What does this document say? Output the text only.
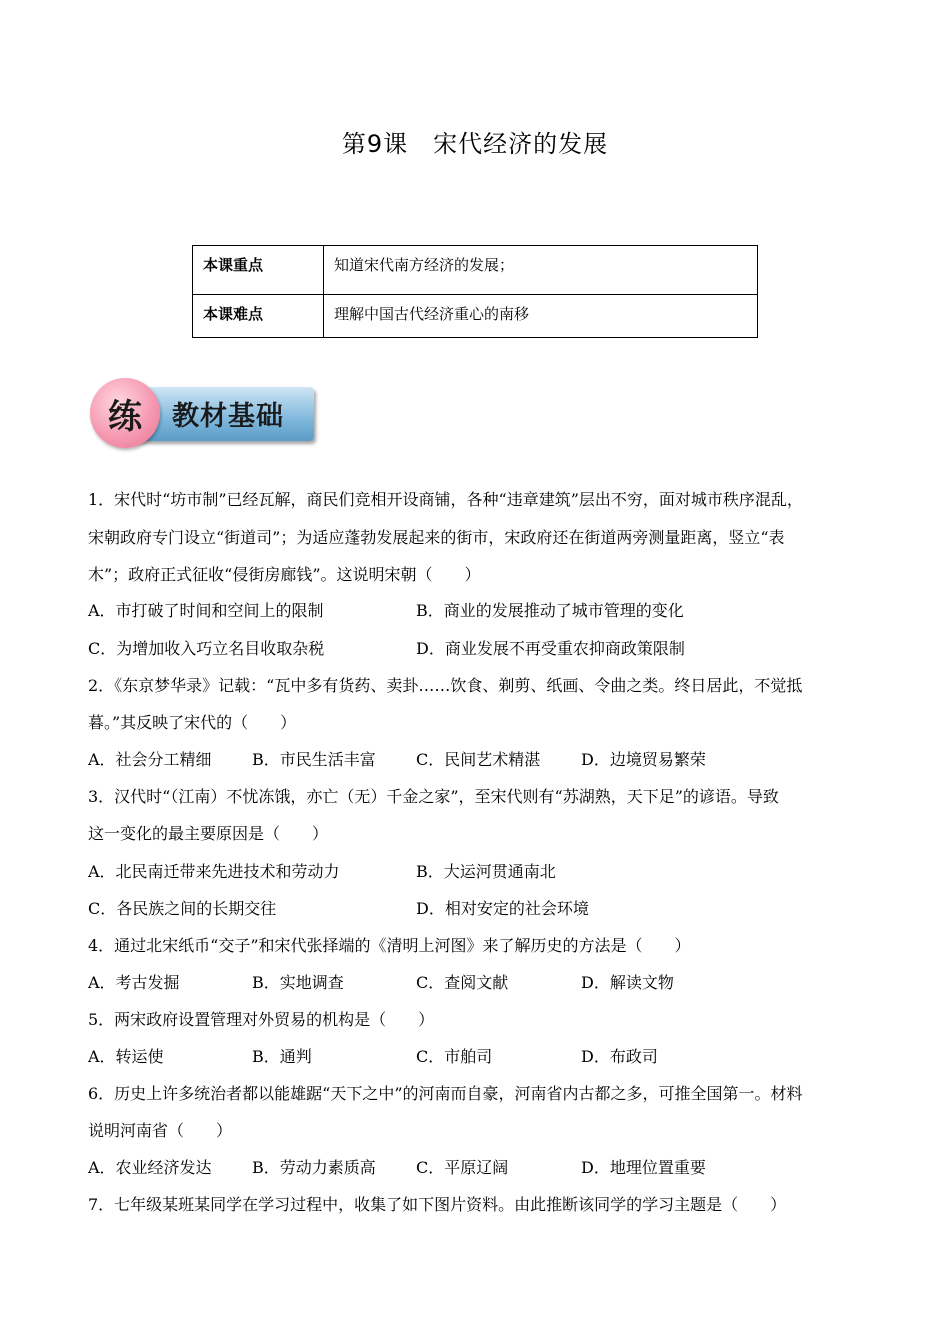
第9课　宋代经济的发展
本课重点	知道宋代南方经济的发展；
本课难点	理解中国古代经济重心的南移
练	教材基础
1．宋代时“坊市制”已经瓦解，商民们竞相开设商铺，各种“违章建筑”层出不穷，面对城市秩序混乱，
宋朝政府专门设立“街道司”；为适应蓬勃发展起来的街市，宋政府还在街道两旁测量距离，竖立“表
木”；政府正式征收“侵街房廊钱”。这说明宋朝（　　）
A．市打破了时间和空间上的限制	B．商业的发展推动了城市管理的变化
C．为增加收入巧立名目收取杂税	D．商业发展不再受重农抑商政策限制
2．《东京梦华录》记载：“瓦中多有货药、卖卦……饮食、剃剪、纸画、令曲之类。终日居此，不觉抵
暮。”其反映了宋代的（　　）
A．社会分工精细	B．市民生活丰富	C．民间艺术精湛	D．边境贸易繁荣
3．汉代时“（江南）不忧冻饿，亦亡（无）千金之家”，至宋代则有“苏湖熟，天下足”的谚语。导致
这一变化的最主要原因是（　　）
A．北民南迁带来先进技术和劳动力	B．大运河贯通南北
C．各民族之间的长期交往	D．相对安定的社会环境
4．通过北宋纸币“交子”和宋代张择端的《清明上河图》来了解历史的方法是（　　）
A．考古发掘	B．实地调查	C．查阅文献	D．解读文物
5．两宋政府设置管理对外贸易的机构是（　　）
A．转运使	B．通判	C．市舶司	D．布政司
6．历史上许多统治者都以能雄踞“天下之中”的河南而自豪，河南省内古都之多，可推全国第一。材料
说明河南省（　　）
A．农业经济发达	B．劳动力素质高	C．平原辽阔	D．地理位置重要
7．七年级某班某同学在学习过程中，收集了如下图片资料。由此推断该同学的学习主题是（　　）
